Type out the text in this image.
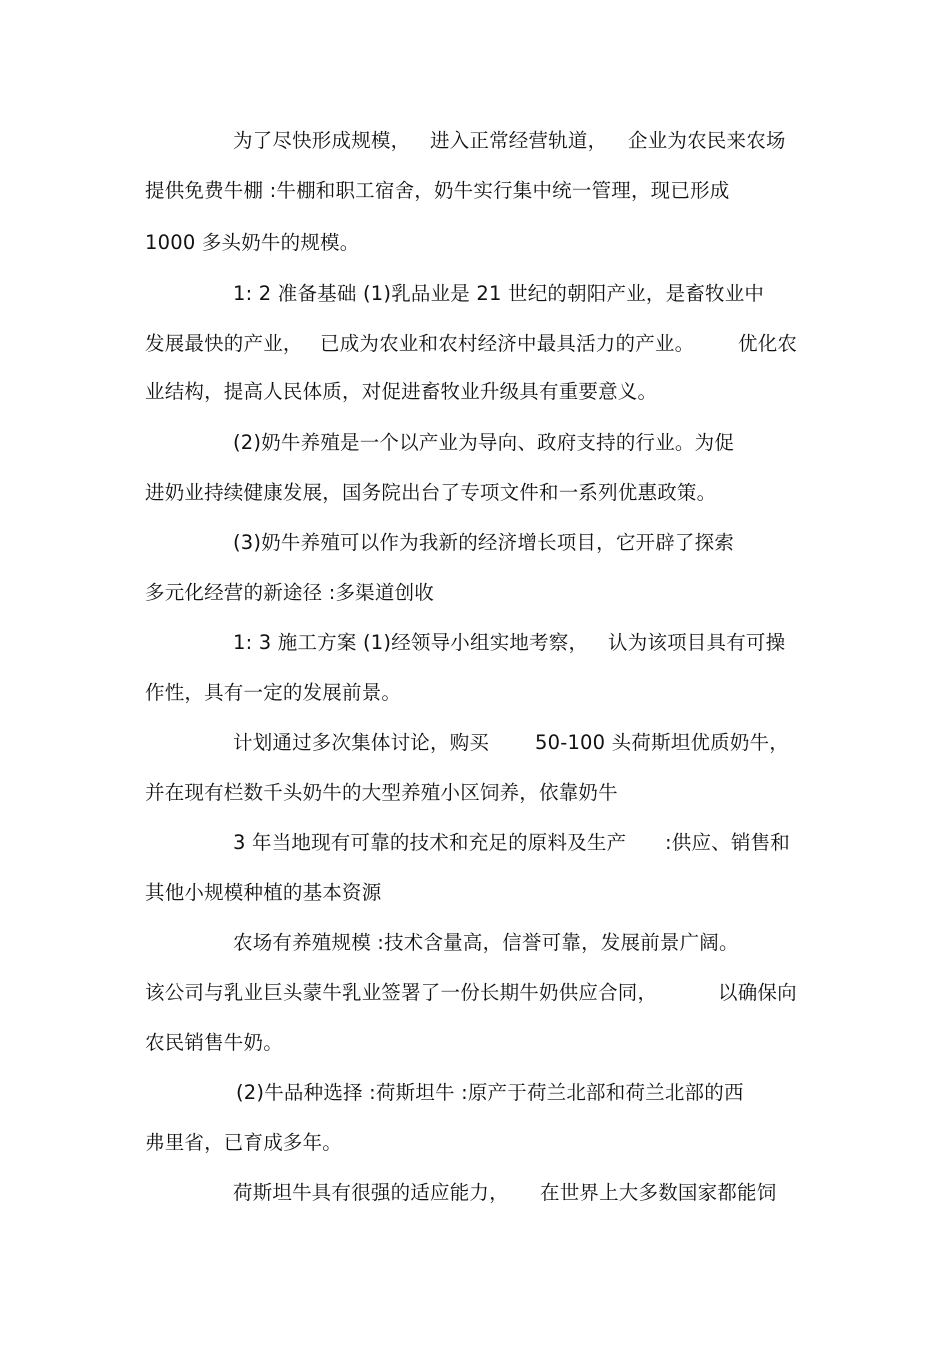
为了尽快形成规模， 进入正常经营轨道， 企业为农民来农场
提供免费牛棚 :牛棚和职工宿舍，奶牛实行集中统一管理，现已形成
1000 多头奶牛的规模。
1: 2 准备基础 (1)乳品业是 21 世纪的朝阳产业，是畜牧业中
发展最快的产业， 已成为农业和农村经济中最具活力的产业。 优化农
业结构，提高人民体质，对促进畜牧业升级具有重要意义。
(2)奶牛养殖是一个以产业为导向、政府支持的行业。为促
进奶业持续健康发展，国务院出台了专项文件和一系列优惠政策。
(3)奶牛养殖可以作为我新的经济增长项目，它开辟了探索
多元化经营的新途径 :多渠道创收
1: 3 施工方案 (1)经领导小组实地考察， 认为该项目具有可操
作性，具有一定的发展前景。
计划通过多次集体讨论，购买 50-100 头荷斯坦优质奶牛，
并在现有栏数千头奶牛的大型养殖小区饲养，依靠奶牛
3 年当地现有可靠的技术和充足的原料及生产 :供应、销售和
其他小规模种植的基本资源
农场有养殖规模 :技术含量高，信誉可靠，发展前景广阔。
该公司与乳业巨头蒙牛乳业签署了一份长期牛奶供应合同，	以确保向
农民销售牛奶。
(2)牛品种选择 :荷斯坦牛 :原产于荷兰北部和荷兰北部的西
弗里省，已育成多年。
荷斯坦牛具有很强的适应能力， 在世界上大多数国家都能饲
